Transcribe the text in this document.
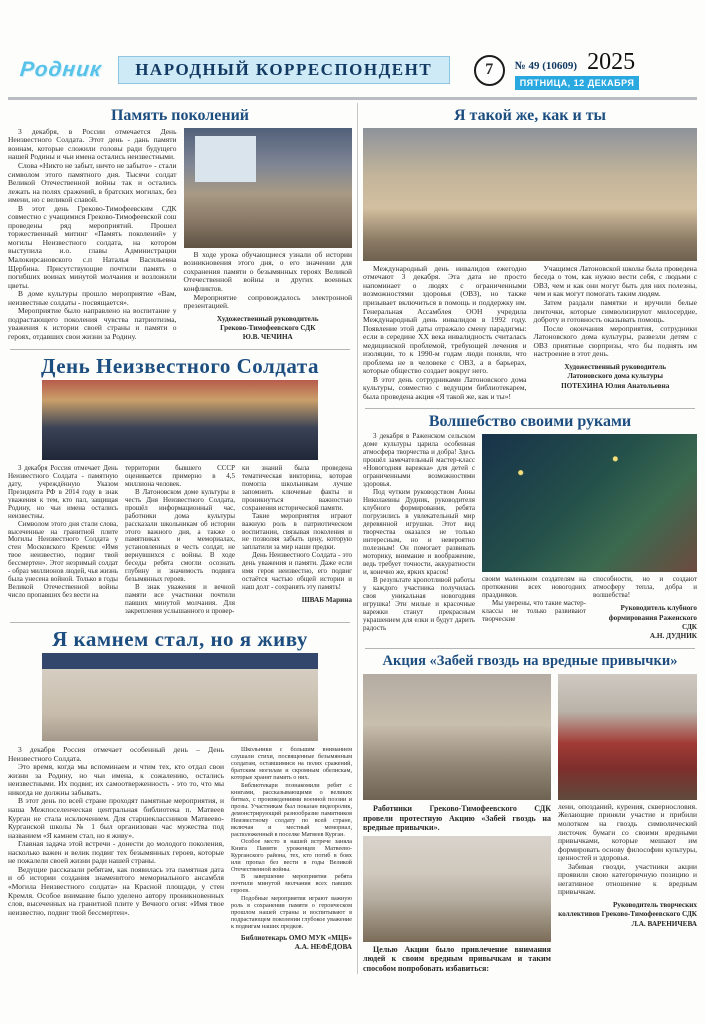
Родник	НАРОДНЫЙ КОРРЕСПОНДЕНТ	7	№ 49 (10609) 2025
ПЯТНИЦА, 12 ДЕКАБРЯ
Память поколений

3 декабря, в России отмечается День Неизвестного Солдата. Этот день - дань памяти воинам, которые сложили головы ради будущего нашей Родины и чьи имена остались неизвестными.

Слова «Никто не забыт, ничто не забыто» - стали символом этого памятного дня. Тысячи солдат Великой Отечественной войны так и остались лежать на полях сражений, в братских могилах, без имени, но с великой славой.

В этот день Греково-Тимофеевским СДК совместно с учащимися Греково-Тимофеевской сош проведены ряд мероприятий. Прошел торжественный митинг «Память поколений» у могилы Неизвестного солдата, на котором выступила и.о. главы Администрации Малокирсановского с.п Наталья Васильевна Щербина. Присутствующие почтили память о погибших воинах минутой молчания и возложили цветы.

В доме культуры прошло мероприятие «Вам, неизвестные солдаты - посвящается».

Мероприятие было направлено на воспитание у подрастающего поколения чувства патриотизма, уважения к истории своей страны и памяти о героях, отдавших свои жизни за Родину.

В ходе урока обучающиеся узнали об истории возникновения этого дня, о его значении для сохранения памяти о безымянных героях Великой Отечественной войны и других военных конфликтов.

Мероприятие сопровождалось электронной презентацией.

Художественный руководитель
Греково-Тимофеевского СДК
Ю.В. ЧЕЧИНА
День Неизвестного Солдата

3 декабря Россия отмечает День Неизвестного Солдата - памятную дату, учреждённую Указом Президента РФ в 2014 году в знак уважения к тем, кто пал, защищая Родину, но чьи имена остались неизвестны.

Символом этого дня стали слова, высеченные на гранитной плите Могилы Неизвестного Солдата у стен Московского Кремля: «Имя твое неизвестно, подвиг твой бессмертен». Этот незримый солдат - образ миллионов людей, чья жизнь была унесена войной. Только в годы Великой Отечественной войны число пропавших без вести на

территории бывшего СССР оценивается примерно в 4,5 миллиона человек.

В Латоновском доме культуры в честь Дня Неизвестного Солдата, прошёл информационный час, работники дома культуры рассказали школьникам об истории этого важного дня, а также о памятниках и мемориалах, установленных в честь солдат, не вернувшихся с войны. В ходе беседы ребята смогли осознать глубину и значимость подвига безымянных героев.

В знак уважения и вечной памяти все участники почтили павших минутой молчания. Для закрепления услышанного и провер-

ки знаний была проведена тематическая викторина, которая помогла школьникам лучше запомнить ключевые факты и проникнуться важностью сохранения исторической памяти.

Такие мероприятия играют важную роль в патриотическом воспитании, связывая поколения и не позволяя забыть цену, которую заплатили за мир наши предки.

День Неизвестного Солдата - это день уважения и памяти. Даже если имя героя неизвестно, его подвиг остаётся частью общей истории и наш долг - сохранять эту память!

ШВАБ Марина
Я камнем стал, но я живу

3 декабря Россия отмечает особенный день – День Неизвестного Солдата.

Это время, когда мы вспоминаем и чтим тех, кто отдал свои жизни за Родину, но чьи имена, к сожалению, остались неизвестными. Их подвиг, их самоотверженность - это то, что мы никогда не должны забывать.

В этот день по всей стране проходят памятные мероприятия, и наша Межпоселенческая центральная библиотека п. Матвеев Курган не стала исключением. Для старшеклассников Матвеево-Курганской школы № 1 был организован час мужества под названием «Я камнем стал, но я живу».

Главная задача этой встречи - донести до молодого поколения, насколько важен и велик подвиг тех безымянных героев, которые не пожалели своей жизни ради нашей страны.

Ведущие рассказали ребятам, как появилась эта памятная дата и об истории создания знаменитого мемориального ансамбля «Могила Неизвестного солдата» на Красной площади, у стен Кремля. Особое внимание было уделено автору проникновенных слов, высеченных на гранитной плите у Вечного огня: «Имя твое неизвестно, подвиг твой бессмертен».

Школьники с большим вниманием слушали стихи, посвященные безымянным солдатам, оставшимися на полях сражений, братским могилам и скромным обелискам, которые хранят память о них.

Библиотекари познакомили ребят с книгами, рассказывающими о великих битвах, с произведениями военной поэзии и прозы. Участникам был показан видеоролик, демонстрирующий разнообразие памятников Неизвестному солдату по всей стране, включая и местный мемориал, расположенный в поселке Матвеев Курган.

Особое место в нашей встрече заняла Книга Памяти уроженцев Матвеево-Курганского района, тех, кто погиб в боях или пропал без вести в годы Великой Отечественной войны.

В завершение мероприятия ребята почтили минутой молчания всех павших героев.

Подобные мероприятия играют важную роль в сохранении памяти о героическом прошлом нашей страны и воспитывают в подрастающем поколении глубокое уважение к подвигам наших предков.

Библиотекарь ОМО МУК «МЦБ»
А.А. НЕФЁДОВА
Я такой же, как и ты

Международный день инвалидов ежегодно отмечают 3 декабря. Эта дата не просто напоминает о людях с ограниченными возможностями здоровья (ОВЗ), но также призывает включиться в помощь и поддержку им. Генеральная Ассамблея ООН учредила Международный день инвалидов в 1992 году. Появление этой даты отражало смену парадигмы: если в середине XX века инвалидность считалась медицинской проблемой, требующей лечения и изоляции, то к 1990-м годам люди поняли, что проблема не в человеке с ОВЗ, а в барьерах, которые общество создает вокруг него.

В этот день сотрудниками Латоновского дома культуры, совместно с ведущим библиотекарем, была проведена акция «Я такой же, как и ты»!

Учащимся Латоновской школы была проведена беседа о том, как нужно вести себя, с людьми с ОВЗ, чем и как они могут быть для них полезны, чем и как могут помогать таким людям.

Затем раздали памятки и вручили белые ленточки, которые символизируют милосердие, доброту и готовность оказывать помощь.

После окончания мероприятия, сотрудники Латоновского дома культуры, развезли детям с ОВЗ приятные сюрпризы, что бы поднять им настроение в этот день.

Художественный руководитель
Латоновского дома культуры
ПОТЕХИНА Юлия Анатольевна
Волшебство своими руками

3 декабря в Раженском сельском доме культуры царила особенная атмосфера творчества и добра! Здесь прошёл замечательный мастер-класс «Новогодняя варежка» для детей с ограниченными возможностями здоровья.

Под чутким руководством Анны Николаевны Дудник, руководителя клубного формирования, ребята погрузились в увлекательный мир деревянной игрушки. Этот вид творчества оказался не только интересным, но и невероятно полезным! Он помогает развивать моторику, внимание и воображение, ведь требует точности, аккуратности и, конечно же, ярких красок!

В результате кропотливой работы у каждого участника получилась своя уникальная новогодняя игрушка! Эти милые и красочные варежки станут прекрасным украшением для елки и будут дарить радость

своим маленьким создателям на протяжении всех новогодних праздников.

Мы уверены, что такие мастер-классы не только развивают творческие

способности, но и создают атмосферу тепла, добра и волшебства!

Руководитель клубного формирования Раженского СДК
А.Н. ДУДНИК
Акция «Забей гвоздь на вредные привычки»

Работники Греково-Тимофеевского СДК провели протестную Акцию «Забей гвоздь на вредные привычки».

Целью Акции было привлечение внимания людей к своим вредным привычкам и таким способом попробовать избавиться:

лени, опозданий, курения, сквернословия. Желающие приняли участие и прибили молотком на гвоздь символический листочек бумаги со своими вредными привычками, которые мешают им формировать основу философии культуры, ценностей и здоровья.

Забивая гвозди, участники акции проявили свою категоричную позицию и негативное отношение к вредным привычкам.

Руководитель творческих
коллективов Греково-Тимофеевского СДК
Л.А. ВАРЕНИЧЕВА
